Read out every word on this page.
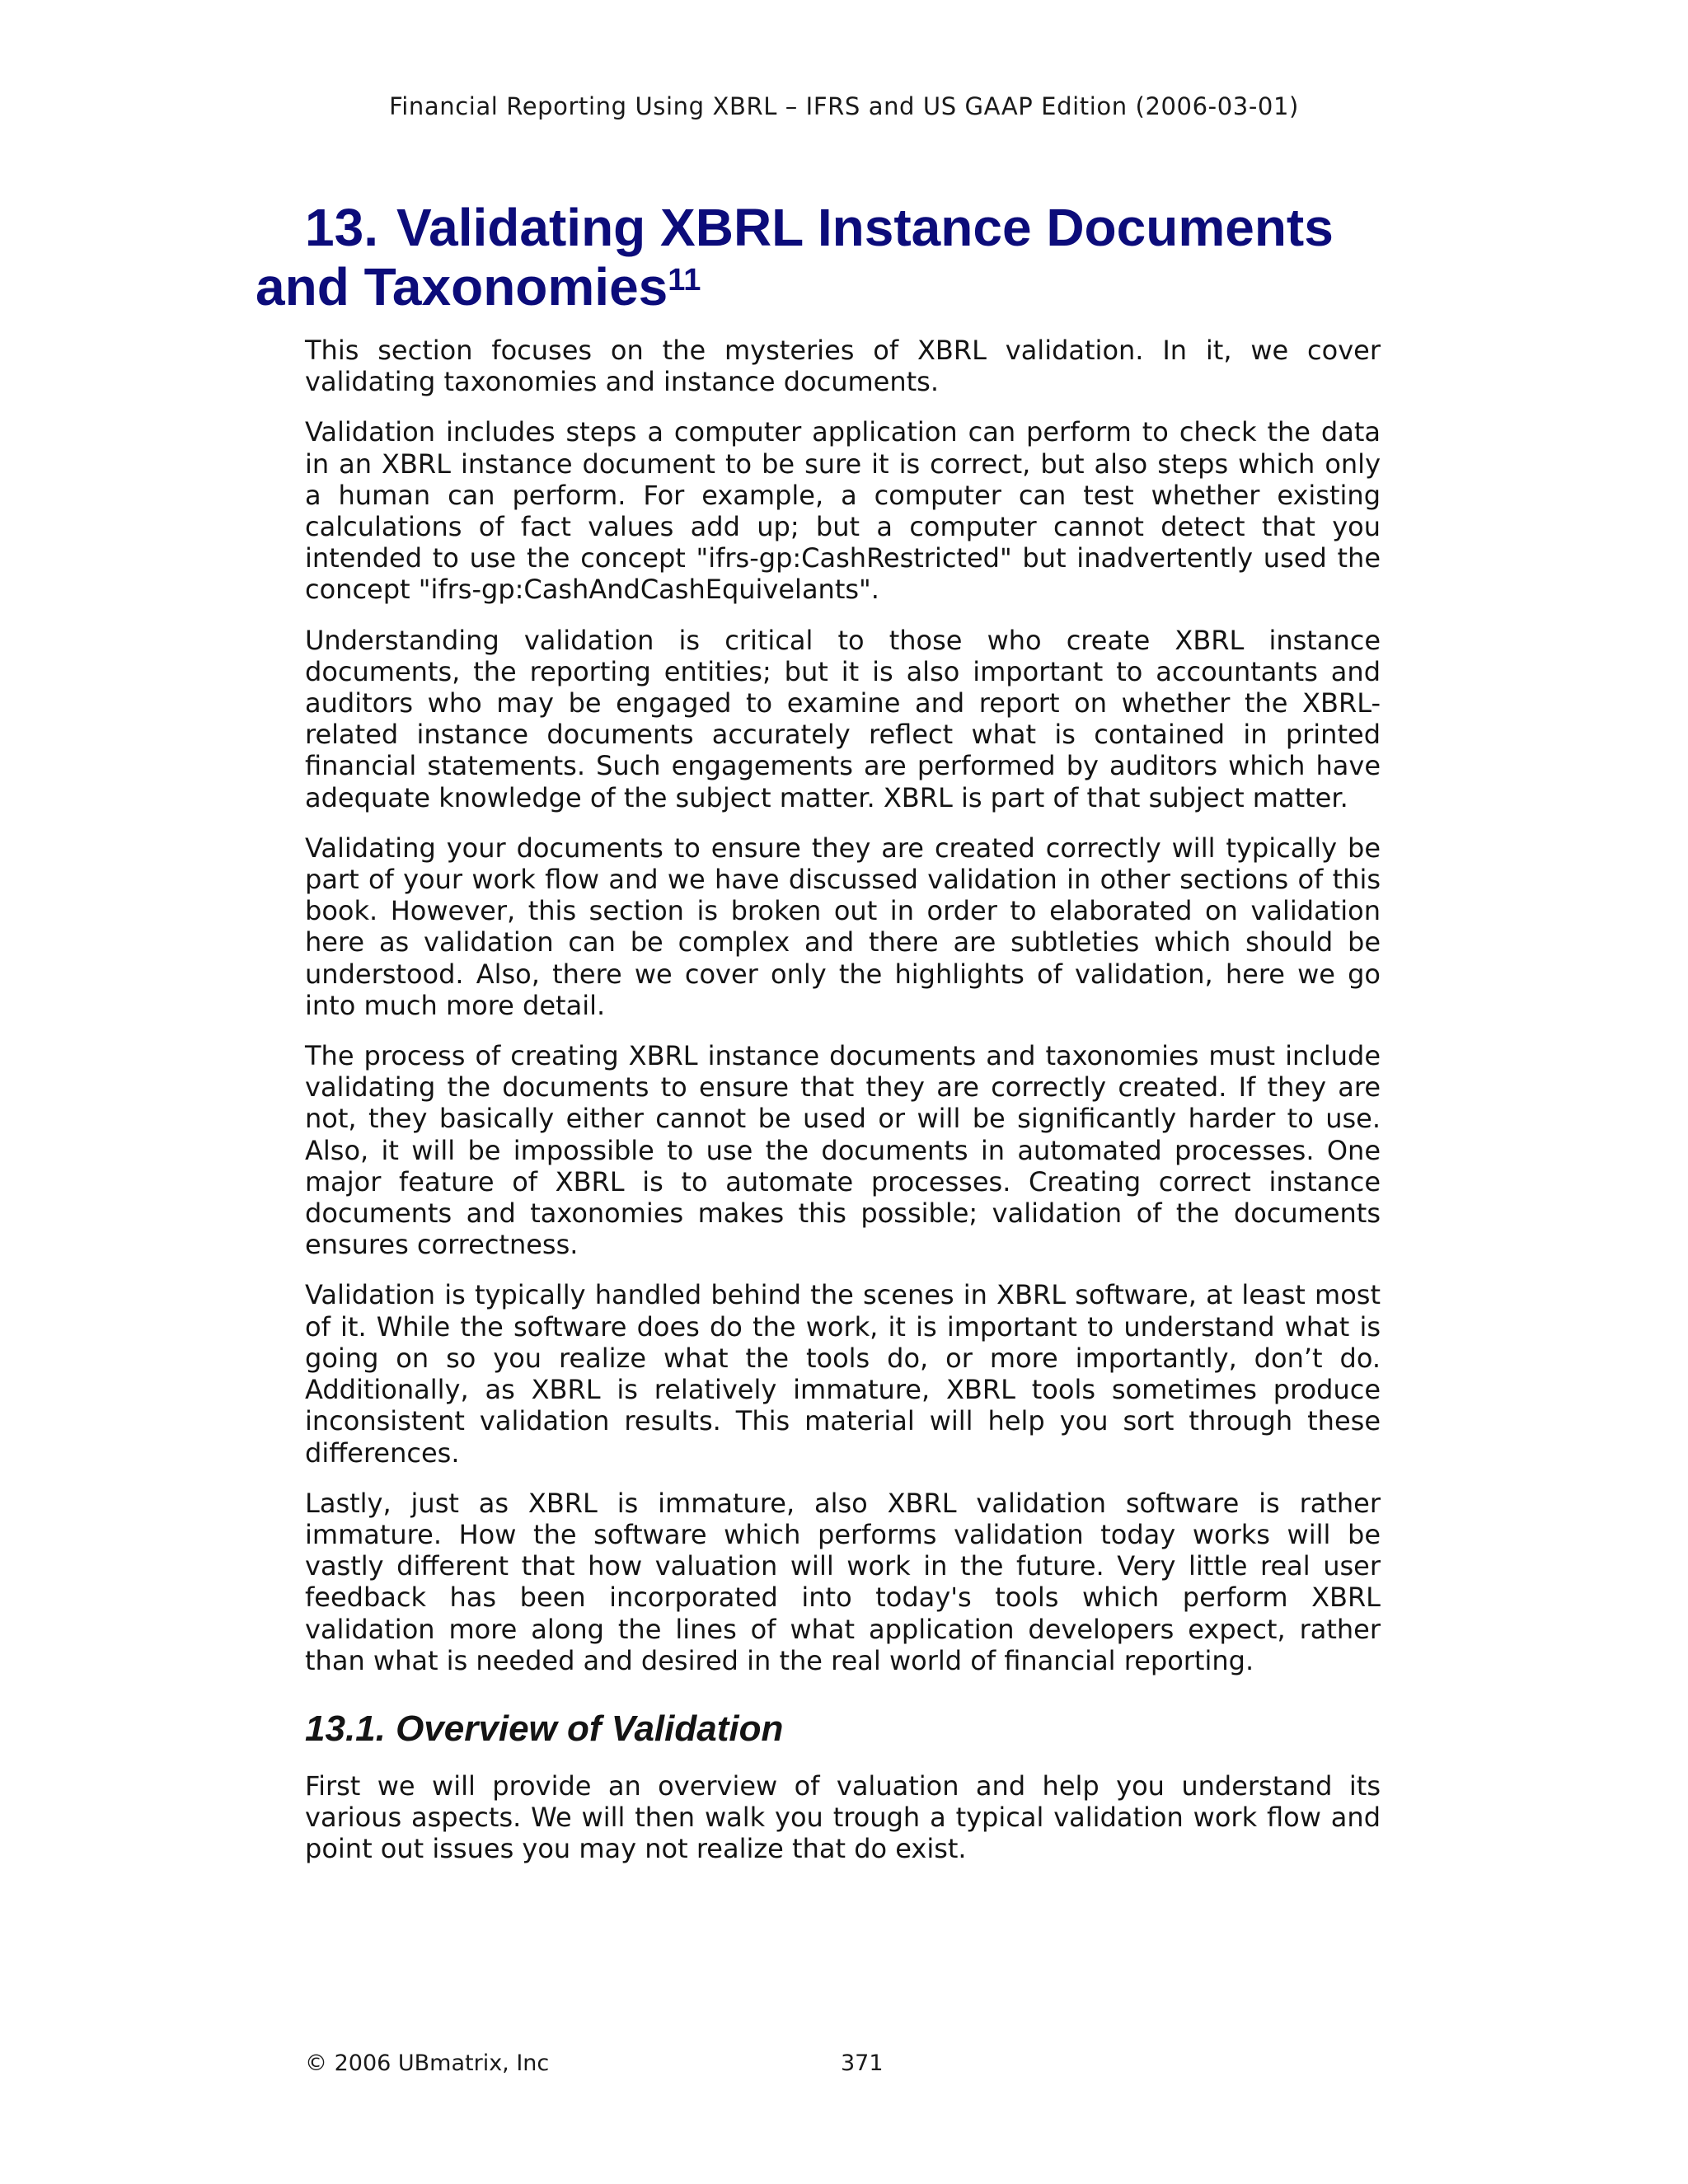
Financial Reporting Using XBRL – IFRS and US GAAP Edition (2006-03-01)
13. Validating XBRL Instance Documents
and Taxonomies$^{11}$

This section focuses on the mysteries of XBRL validation. In it, we cover validating taxonomies and instance documents.

Validation includes steps a computer application can perform to check the data in an XBRL instance document to be sure it is correct, but also steps which only a human can perform. For example, a computer can test whether existing calculations of fact values add up; but a computer cannot detect that you intended to use the concept "ifrs-gp:CashRestricted" but inadvertently used the concept "ifrs-gp:CashAndCashEquivelants".

Understanding validation is critical to those who create XBRL instance documents, the reporting entities; but it is also important to accountants and auditors who may be engaged to examine and report on whether the XBRL-related instance documents accurately reflect what is contained in printed financial statements. Such engagements are performed by auditors which have adequate knowledge of the subject matter. XBRL is part of that subject matter.

Validating your documents to ensure they are created correctly will typically be part of your work flow and we have discussed validation in other sections of this book. However, this section is broken out in order to elaborated on validation here as validation can be complex and there are subtleties which should be understood. Also, there we cover only the highlights of validation, here we go into much more detail.

The process of creating XBRL instance documents and taxonomies must include validating the documents to ensure that they are correctly created. If they are not, they basically either cannot be used or will be significantly harder to use. Also, it will be impossible to use the documents in automated processes. One major feature of XBRL is to automate processes. Creating correct instance documents and taxonomies makes this possible; validation of the documents ensures correctness.

Validation is typically handled behind the scenes in XBRL software, at least most of it. While the software does do the work, it is important to understand what is going on so you realize what the tools do, or more importantly, don’t do. Additionally, as XBRL is relatively immature, XBRL tools sometimes produce inconsistent validation results. This material will help you sort through these differences.

Lastly, just as XBRL is immature, also XBRL validation software is rather immature. How the software which performs validation today works will be vastly different that how valuation will work in the future. Very little real user feedback has been incorporated into today's tools which perform XBRL validation more along the lines of what application developers expect, rather than what is needed and desired in the real world of financial reporting.

13.1. Overview of Validation

First we will provide an overview of valuation and help you understand its various aspects. We will then walk you trough a typical validation work flow and point out issues you may not realize that do exist.

© 2006 UBmatrix, Inc	371
